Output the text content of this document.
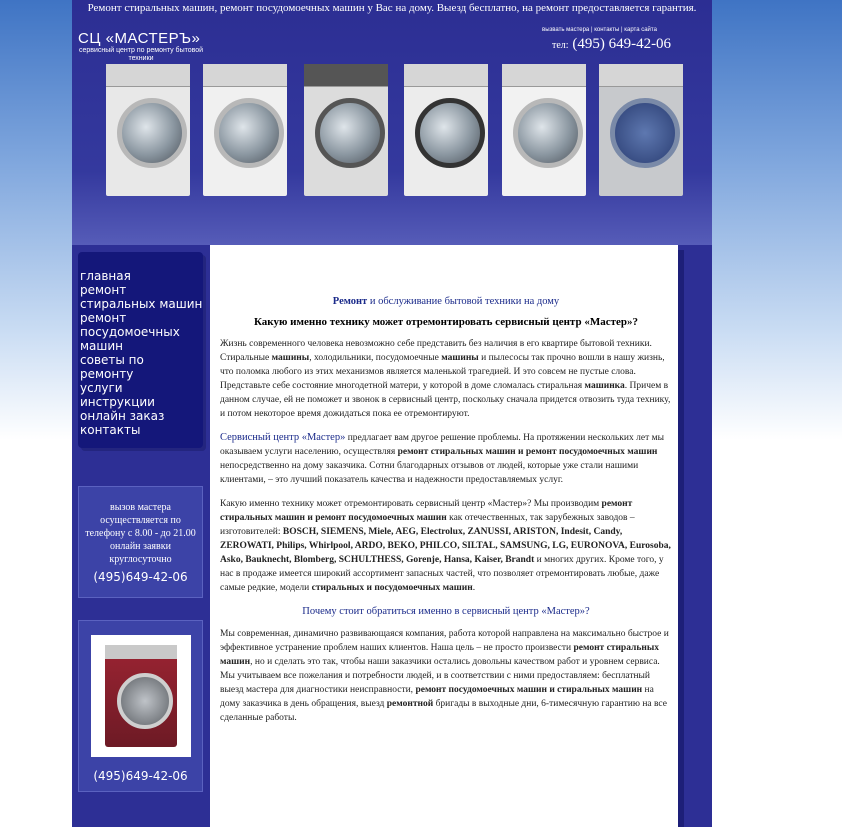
Ремонт стиральных машин, ремонт посудомоечных машин у Вас на дому. Выезд бесплатно, на ремонт предоставляется гарантия.
СЦ «МАСТЕРЪ»
сервисный центр по ремонту бытовой техники
вызвать мастера | контакты | карта сайта
тел: (495) 649-42-06
главная
ремонт
стиральных машин
ремонт
посудомоечных
машин
советы по
ремонту
услуги
инструкции
онлайн заказ
контакты
вызов мастера осуществляется по телефону с 8.00 - до 21.00 онлайн заявки круглосуточно
(495)649-42-06
(495)649-42-06
Ремонт и обслуживание бытовой техники на дому
Какую именно технику может отремонтировать сервисный центр «Мастер»?

Жизнь современного человека невозможно себе представить без наличия в его квартире бытовой техники. Стиральные машины, холодильники, посудомоечные машины и пылесосы так прочно вошли в нашу жизнь, что поломка любого из этих механизмов является маленькой трагедией. И это совсем не пустые слова. Представьте себе состояние многодетной матери, у которой в доме сломалась стиральная машинка. Причем в данном случае, ей не поможет и звонок в сервисный центр, поскольку сначала придется отвозить туда технику, и потом некоторое время дожидаться пока ее отремонтируют.

Сервисный центр «Мастер» предлагает вам другое решение проблемы. На протяжении нескольких лет мы оказываем услуги населению, осуществляя ремонт стиральных машин и ремонт посудомоечных машин непосредственно на дому заказчика. Сотни благодарных отзывов от людей, которые уже стали нашими клиентами, – это лучший показатель качества и надежности предоставляемых услуг.

Какую именно технику может отремонтировать сервисный центр «Мастер»? Мы производим ремонт стиральных машин и ремонт посудомоечных машин как отечественных, так зарубежных заводов – изготовителей: BOSCH, SIEMENS, Miele, AEG, Electrolux, ZANUSSI, ARISTON, Indesit, Candy, ZEROWATI, Philips, Whirlpool, ARDO, BEKO, PHILCO, SILTAL, SAMSUNG, LG, EURONOVA, Eurosoba, Asko, Bauknecht, Blomberg, SCHULTHESS, Gorenje, Hansa, Kaiser, Brandt и многих других. Кроме того, у нас в продаже имеется широкий ассортимент запасных частей, что позволяет отремонтировать любые, даже самые редкие, модели стиральных и посудомоечных машин.

Почему стоит обратиться именно в сервисный центр «Мастер»?

Мы современная, динамично развивающаяся компания, работа которой направлена на максимально быстрое и эффективное устранение проблем наших клиентов. Наша цель – не просто произвести ремонт стиральных машин, но и сделать это так, чтобы наши заказчики остались довольны качеством работ и уровнем сервиса. Мы учитываем все пожелания и потребности людей, и в соответствии с ними предоставляем: бесплатный выезд мастера для диагностики неисправности, ремонт посудомоечных машин и стиральных машин на дому заказчика в день обращения, выезд ремонтной бригады в выходные дни, 6-тимесячную гарантию на все сделанные работы.
